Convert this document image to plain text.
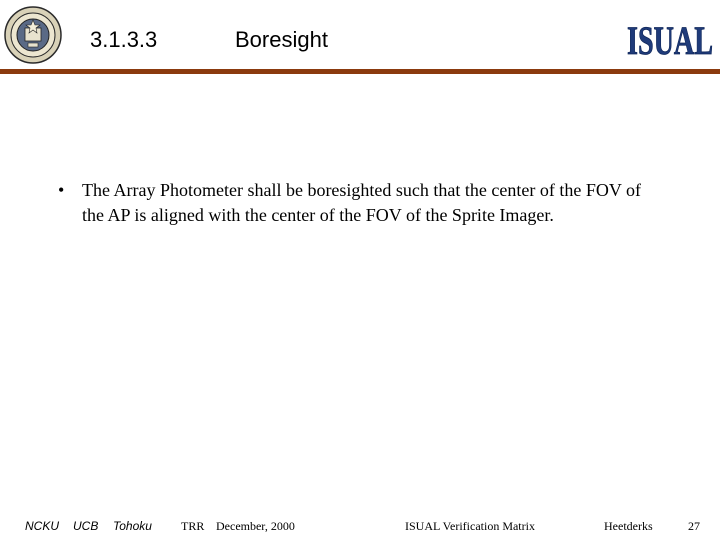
3.1.3.3	Boresight	ISUAL
• The Array Photometer shall be boresighted such that the center of the FOV of the AP is aligned with the center of the FOV of the Sprite Imager.
NCKU UCB Tohoku TRR December, 2000	ISUAL Verification Matrix	Heetderks	27
